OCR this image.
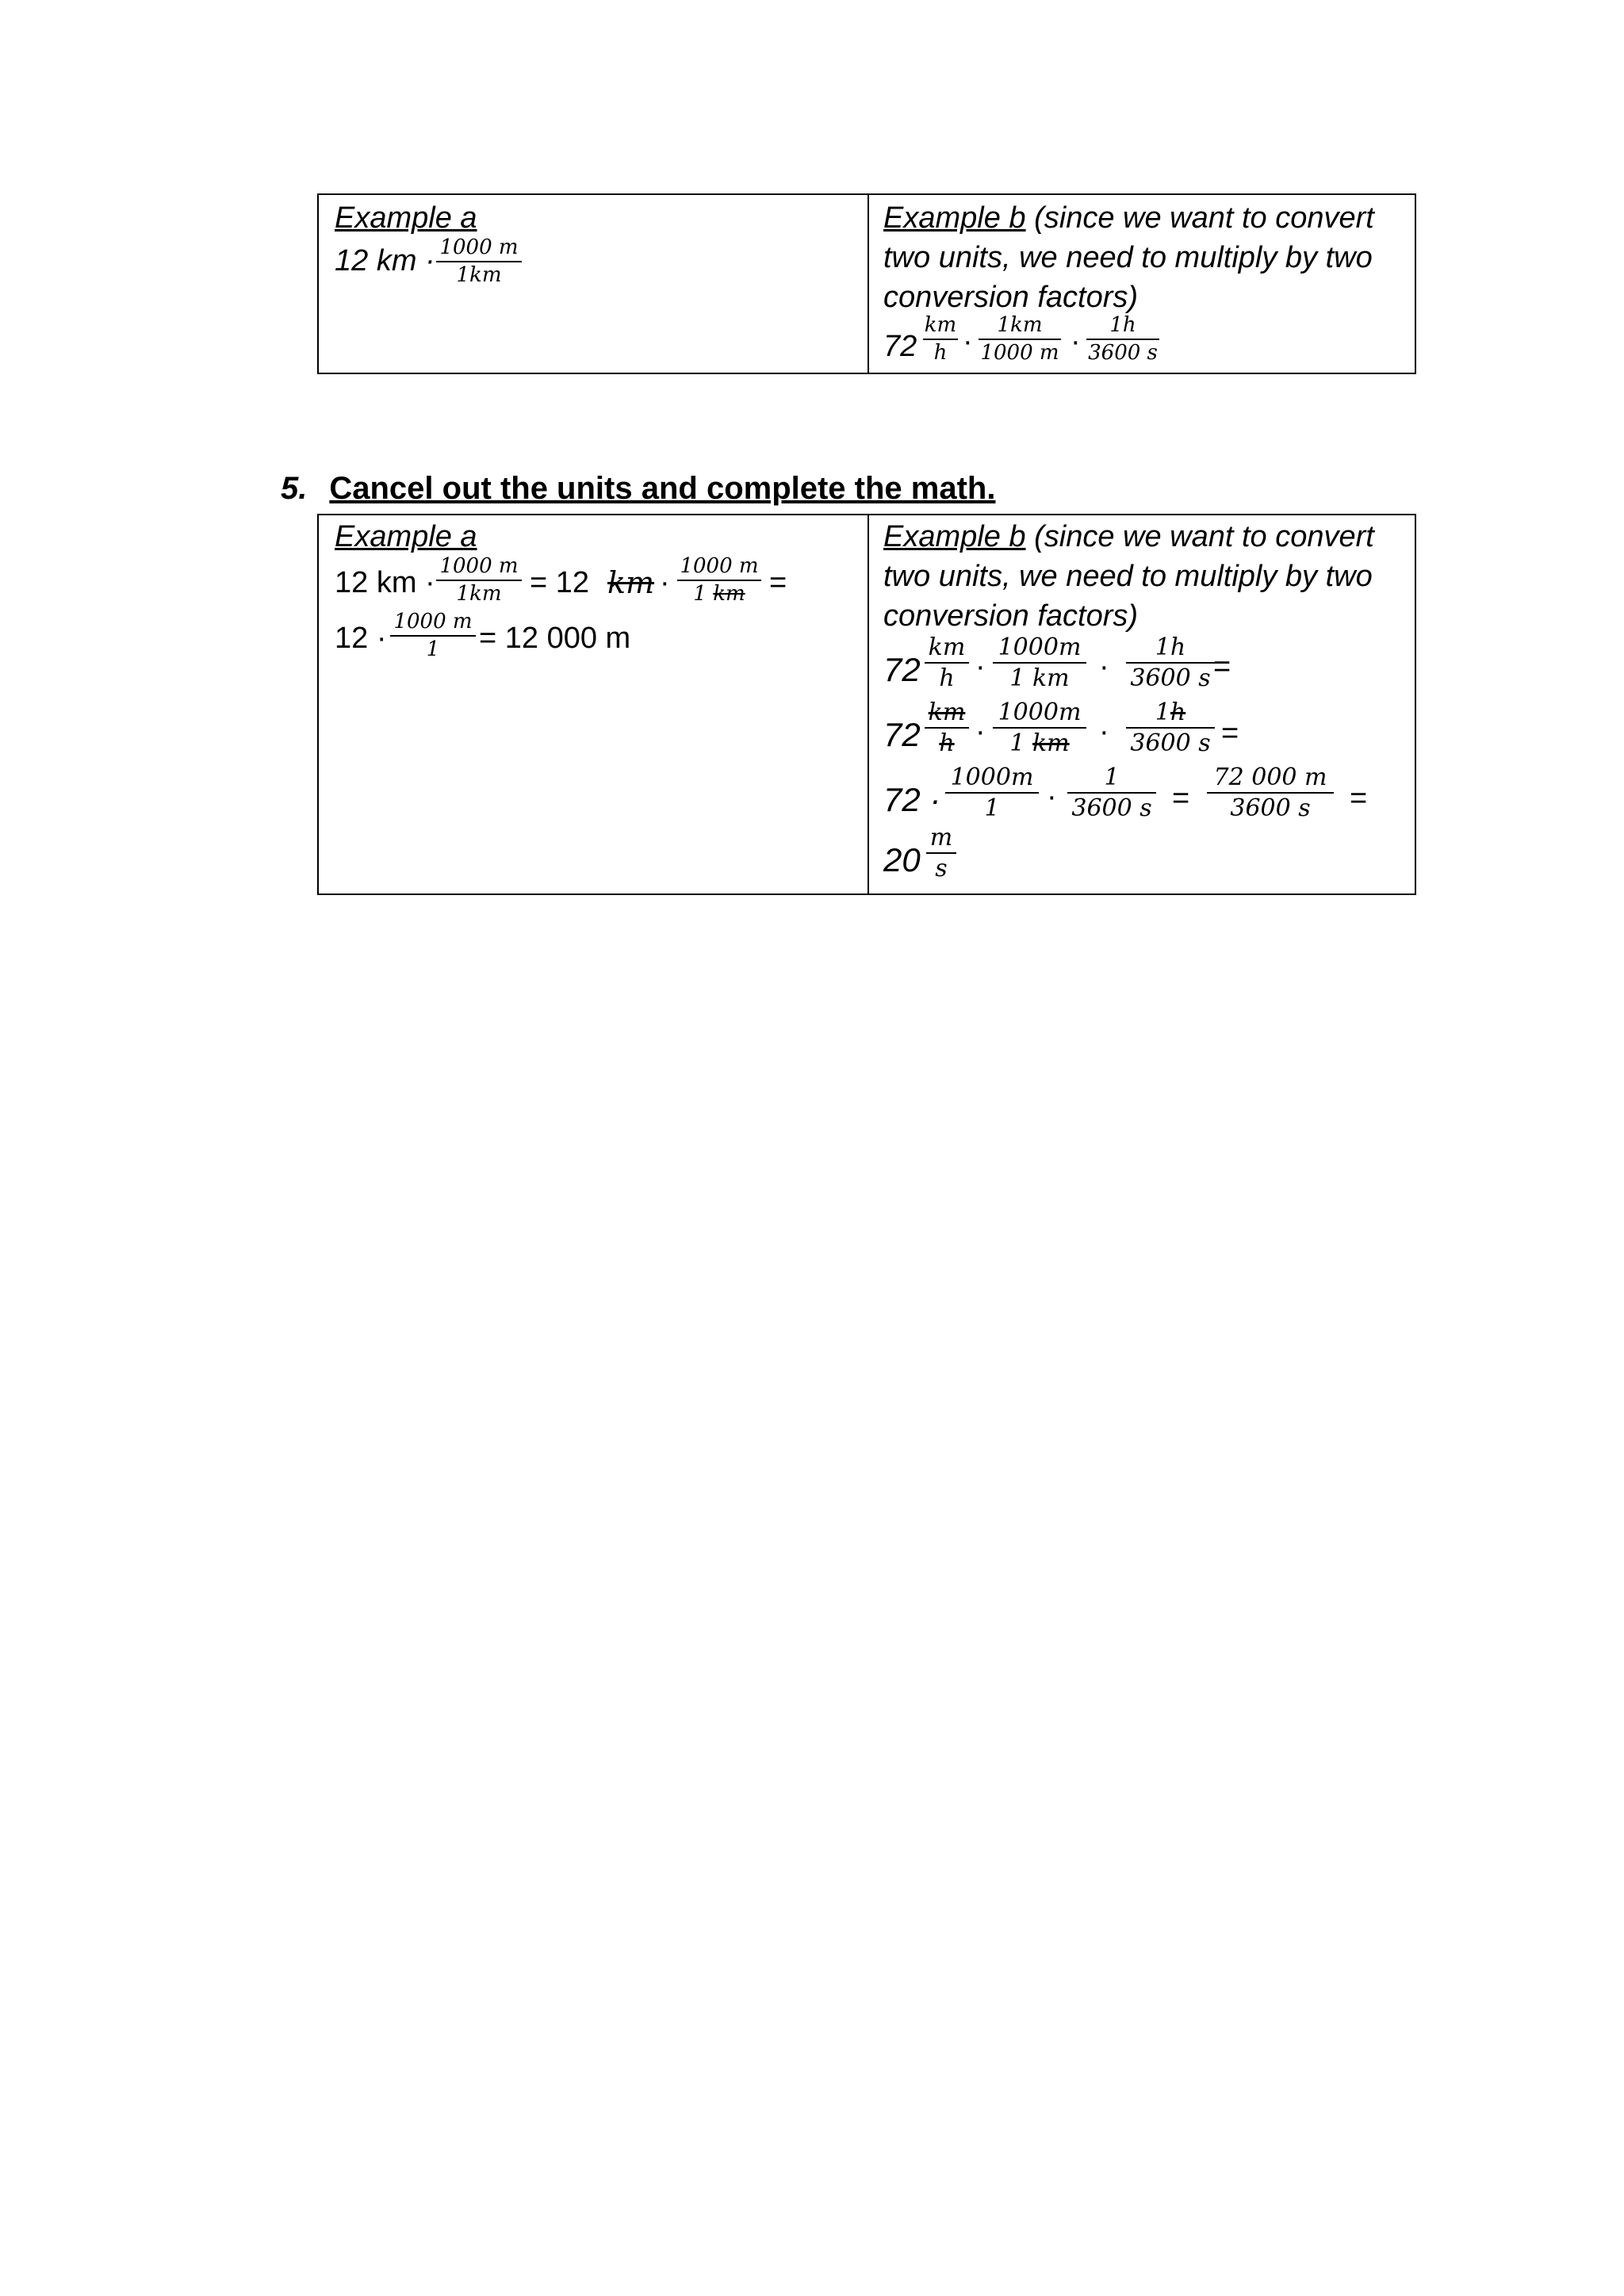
Example a
12 km · 1000 m
1km
Example b (since we want to convert
two units, we need to multiply by two
conversion factors)
72
km
h · 1km
1000 m · 1h
3600 s
5. Cancel out the units and complete the math.
Example a
12 km · 1000 m
1km = 12 km · 1000 m
1 km =
12 · 1000 m
1 = 12 000 m
Example b (since we want to convert
two units, we need to multiply by two
conversion factors)
72
km
h ·
1000m
1 km ·
1h
3600 s =
72
km
h ·
1000m
1 km ·
1h
3600 s =
72 ·
1000m
1 ·
1
3600 s =
72 000 m
3600 s =
20
m
s
